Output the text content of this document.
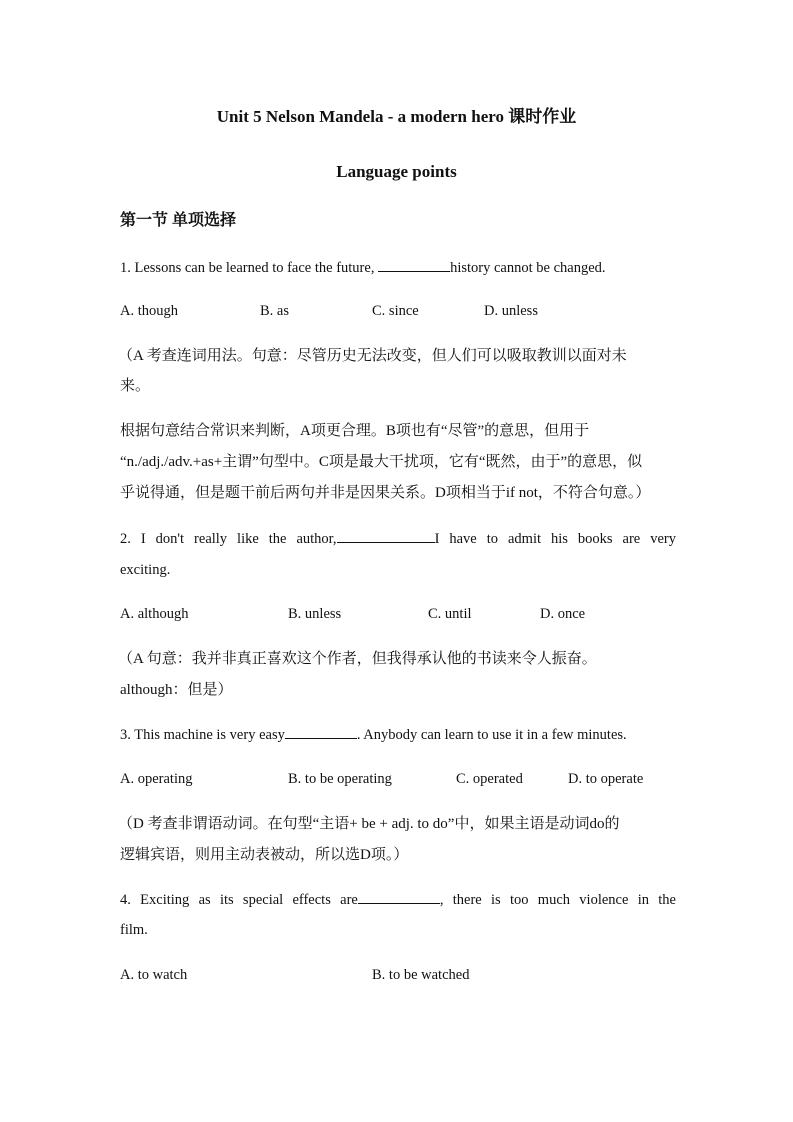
Unit 5 Nelson Mandela - a modern hero 课时作业
Language points
第一节 单项选择
1. Lessons can be learned to face the future,	history cannot be changed.
A. though	B. as	C. since	D. unless
（A 考查连词用法。句意：尽管历史无法改变，但人们可以吸取教训以面对未
来。
根据句意结合常识来判断，A项更合理。B项也有“尽管”的意思，但用于
“n./adj./adv.+as+主谓”句型中。C项是最大干扰项，它有“既然，由于”的意思，似
乎说得通，但是题干前后两句并非是因果关系。D项相当于if not，不符合句意。）
2. I don't really like the author,	I have to admit his books are very
exciting.
A. although	B. unless	C. until	D. once
（A 句意：我并非真正喜欢这个作者，但我得承认他的书读来令人振奋。
although：但是）
3. This machine is very easy	. Anybody can learn to use it in a few minutes.
A. operating	B. to be operating	C. operated	D. to operate
（D 考查非谓语动词。在句型“主语+ be + adj. to do”中，如果主语是动词do的
逻辑宾语，则用主动表被动，所以选D项。）
4. Exciting as its special effects are	, there is too much violence in the
film.
A. to watch	B. to be watched
